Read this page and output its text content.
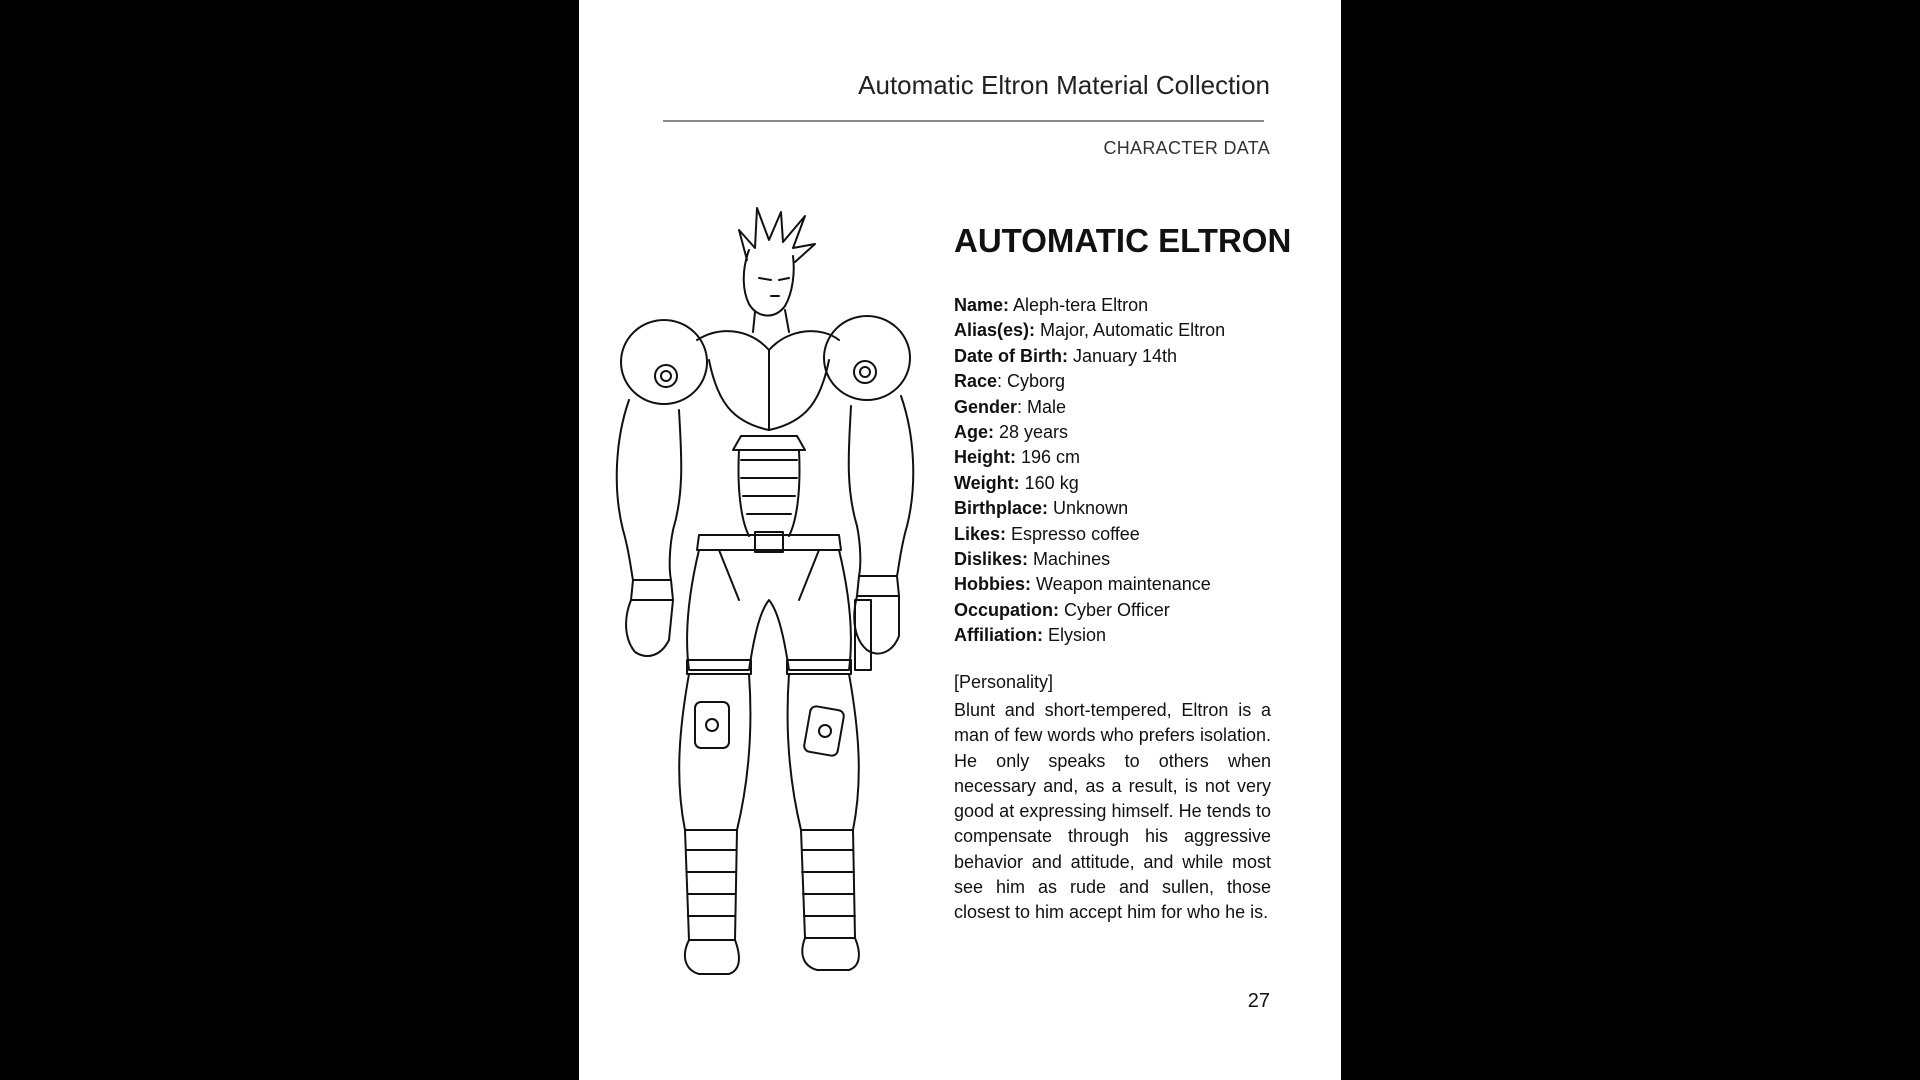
Automatic Eltron Material Collection
CHARACTER DATA
AUTOMATIC ELTRON
Name: Aleph-tera Eltron
Alias(es): Major, Automatic Eltron
Date of Birth: January 14th
Race: Cyborg
Gender: Male
Age: 28 years
Height: 196 cm
Weight: 160 kg
Birthplace: Unknown
Likes: Espresso coffee
Dislikes: Machines
Hobbies: Weapon maintenance
Occupation: Cyber Officer
Affiliation: Elysion
[Personality]
Blunt and short-tempered, Eltron is a man of few words who prefers isolation. He only speaks to others when necessary and, as a result, is not very good at expressing himself. He tends to compensate through his aggressive behavior and attitude, and while most see him as rude and sullen, those closest to him accept him for who he is.
27
